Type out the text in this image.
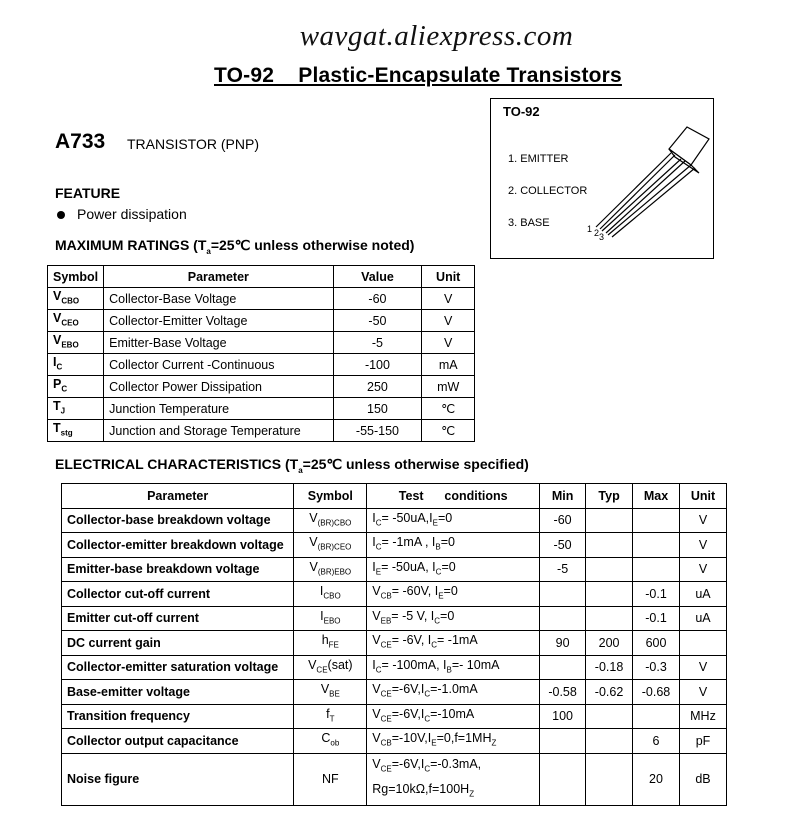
wavgat.aliexpress.com
TO-92    Plastic-Encapsulate Transistors
TO-92
1. EMITTER
2. COLLECTOR
3. BASE	1 2 3
A733 TRANSISTOR (PNP)
FEATURE
Power dissipation
MAXIMUM RATINGS ($T_a=25℃$ unless otherwise noted)
Symbol	Parameter	Value	Unit
$V_{CBO}$	Collector-Base Voltage	-60	V
$V_{CEO}$	Collector-Emitter Voltage	-50	V
$V_{EBO}$	Emitter-Base Voltage	-5	V
$I_C$	Collector Current -Continuous	-100	mA
$P_C$	Collector Power Dissipation	250	mW
$T_J$	Junction Temperature	150	℃
$T_{stg}$	Junction and Storage Temperature	-55-150	℃
ELECTRICAL CHARACTERISTICS ($T_a=25℃$ unless otherwise specified)
Parameter	Symbol	Test      conditions	Min	Typ	Max	Unit
Collector-base breakdown voltage	$V_{(BR)CBO}$	$I_C= -50uA,I_E=0$	-60			V
Collector-emitter breakdown voltage	$V_{(BR)CEO}$	$I_C= -1mA$ , $I_B=0$	-50			V
Emitter-base breakdown voltage	$V_{(BR)EBO}$	$I_E= -50uA$, $I_C=0$	-5			V
Collector cut-off current	$I_{CBO}$	$V_{CB}= -60V$, $I_E=0$			-0.1	uA
Emitter cut-off current	$I_{EBO}$	$V_{EB}= -5$ V, $I_C=0$			-0.1	uA
DC current gain	$h_{FE}$	$V_{CE}= -6V$, $I_C= -1mA$	90	200	600	
Collector-emitter saturation voltage	$V_{CE}(sat)$	$I_C= -100mA$, $I_B=-$ 10mA		-0.18	-0.3	V
Base-emitter voltage	$V_{BE}$	$V_{CE}=-6V,I_C=-1.0mA$	-0.58	-0.62	-0.68	V
Transition frequency	$f_T$	$V_{CE}=-6V,I_C=-10mA$	100			MHz
Collector output capacitance	$C_{ob}$	$V_{CB}=-10V,I_E=0,f=1MH_Z$			6	pF
Noise figure	NF	$V_{CE}=-6V,I_C=-0.3mA$,
$Rg=10k\Omega,f=100H_Z$			20	dB
